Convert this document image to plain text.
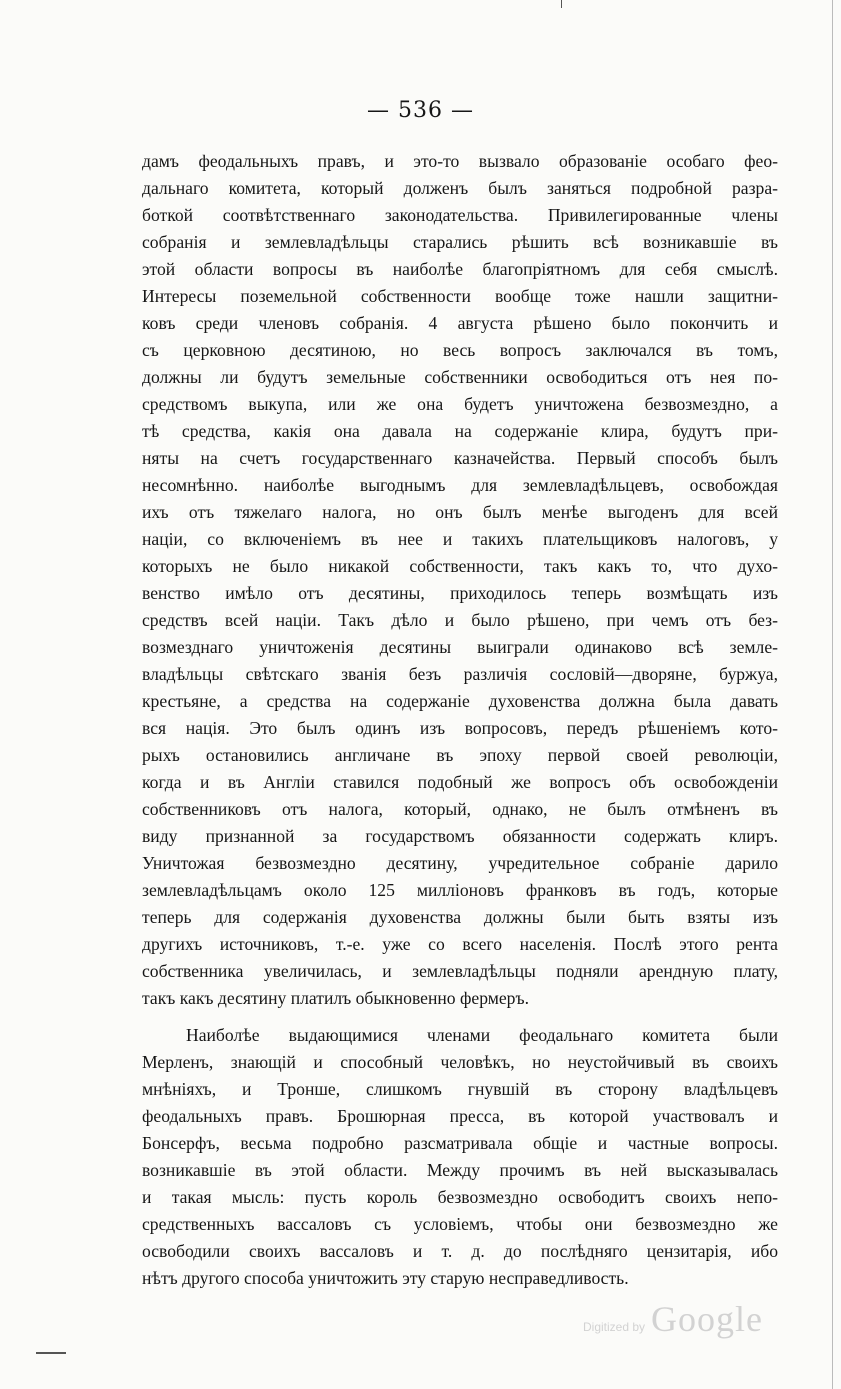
— 536 —
дамъ феодальныхъ правъ, и это-то вызвало образованіе особаго фео-
дальнаго комитета, который долженъ былъ заняться подробной разра-
боткой соотвѣтственнаго законодательства. Привилегированные члены
собранія и землевладѣльцы старались рѣшить всѣ возникавшіе въ
этой области вопросы въ наиболѣе благопріятномъ для себя смыслѣ.
Интересы поземельной собственности вообще тоже нашли защитни-
ковъ среди членовъ собранія. 4 августа рѣшено было покончить и
съ церковною десятиною, но весь вопросъ заключался въ томъ,
должны ли будутъ земельные собственники освободиться отъ нея по-
средствомъ выкупа, или же она будетъ уничтожена безвозмездно, а
тѣ средства, какія она давала на содержаніе клира, будутъ при-
няты на счетъ государственнаго казначейства. Первый способъ былъ
несомнѣнно. наиболѣе выгоднымъ для землевладѣльцевъ, освобождая
ихъ отъ тяжелаго налога, но онъ былъ менѣе выгоденъ для всей
націи, со включеніемъ въ нее и такихъ плательщиковъ налоговъ, у
которыхъ не было никакой собственности, такъ какъ то, что духо-
венство имѣло отъ десятины, приходилось теперь возмѣщать изъ
средствъ всей націи. Такъ дѣло и было рѣшено, при чемъ отъ без-
возмезднаго уничтоженія десятины выиграли одинаково всѣ земле-
владѣльцы свѣтскаго званія безъ различія сословій—дворяне, буржуа,
крестьяне, а средства на содержаніе духовенства должна была давать
вся нація. Это былъ одинъ изъ вопросовъ, передъ рѣшеніемъ кото-
рыхъ остановились англичане въ эпоху первой своей революціи,
когда и въ Англіи ставился подобный же вопросъ объ освобожденіи
собственниковъ отъ налога, который, однако, не былъ отмѣненъ въ
виду признанной за государствомъ обязанности содержать клиръ.
Уничтожая безвозмездно десятину, учредительное собраніе дарило
землевладѣльцамъ около 125 милліоновъ франковъ въ годъ, которые
теперь для содержанія духовенства должны были быть взяты изъ
другихъ источниковъ, т.-е. уже со всего населенія. Послѣ этого рента
собственника увеличилась, и землевладѣльцы подняли арендную плату,
такъ какъ десятину платилъ обыкновенно фермеръ.
Наиболѣе выдающимися членами феодальнаго комитета были
Мерленъ, знающій и способный человѣкъ, но неустойчивый въ своихъ
мнѣніяхъ, и Тронше, слишкомъ гнувшій въ сторону владѣльцевъ
феодальныхъ правъ. Брошюрная пресса, въ которой участвовалъ и
Бонсерфъ, весьма подробно разсматривала общіе и частные вопросы.
возникавшіе въ этой области. Между прочимъ въ ней высказывалась
и такая мысль: пусть король безвозмездно освободитъ своихъ непо-
средственныхъ вассаловъ съ условіемъ, чтобы они безвозмездно же
освободили своихъ вассаловъ и т. д. до послѣдняго цензитарія, ибо
нѣтъ другого способа уничтожить эту старую несправедливость.
Digitized by Google
